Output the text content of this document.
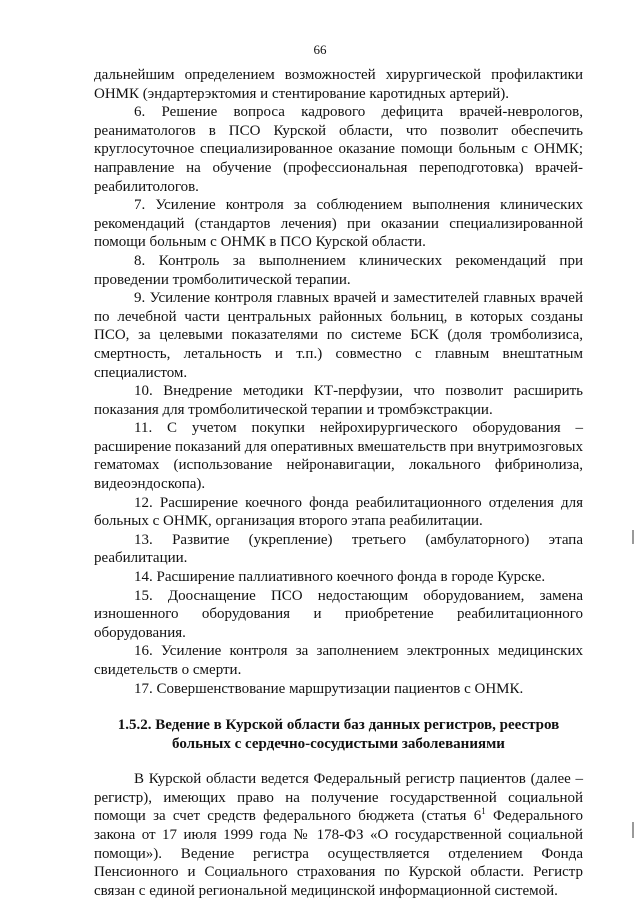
66

дальнейшим определением возможностей хирургической профилактики ОНМК (эндартерэктомия и стентирование каротидных артерий).

6. Решение вопроса кадрового дефицита врачей-неврологов, реаниматологов в ПСО Курской области, что позволит обеспечить круглосуточное специализированное оказание помощи больным с ОНМК; направление на обучение (профессиональная переподготовка) врачей-реабилитологов.

7. Усиление контроля за соблюдением выполнения клинических рекомендаций (стандартов лечения) при оказании специализированной помощи больным с ОНМК в ПСО Курской области.

8. Контроль за выполнением клинических рекомендаций при проведении тромболитической терапии.

9. Усиление контроля главных врачей и заместителей главных врачей по лечебной части центральных районных больниц, в которых созданы ПСО, за целевыми показателями по системе БСК (доля тромболизиса, смертность, летальность и т.п.) совместно с главным внештатным специалистом.

10. Внедрение методики КТ-перфузии, что позволит расширить показания для тромболитической терапии и тромбэкстракции.

11. С учетом покупки нейрохирургического оборудования – расширение показаний для оперативных вмешательств при внутримозговых гематомах (использование нейронавигации, локального фибринолиза, видеоэндоскопа).

12. Расширение коечного фонда реабилитационного отделения для больных с ОНМК, организация второго этапа реабилитации.

13. Развитие (укрепление) третьего (амбулаторного) этапа реабилитации.

14. Расширение паллиативного коечного фонда в городе Курске.

15. Дооснащение ПСО недостающим оборудованием, замена изношенного оборудования и приобретение реабилитационного оборудования.

16. Усиление контроля за заполнением электронных медицинских свидетельств о смерти.

17. Совершенствование маршрутизации пациентов с ОНМК.

1.5.2. Ведение в Курской области баз данных регистров, реестров больных с сердечно-сосудистыми заболеваниями

В Курской области ведется Федеральный регистр пациентов (далее – регистр), имеющих право на получение государственной социальной помощи за счет средств федерального бюджета (статья $6^1$ Федерального закона от 17 июля 1999 года № 178-ФЗ «О государственной социальной помощи»). Ведение регистра осуществляется отделением Фонда Пенсионного и Социального страхования по Курской области. Регистр связан с единой региональной медицинской информационной системой.
